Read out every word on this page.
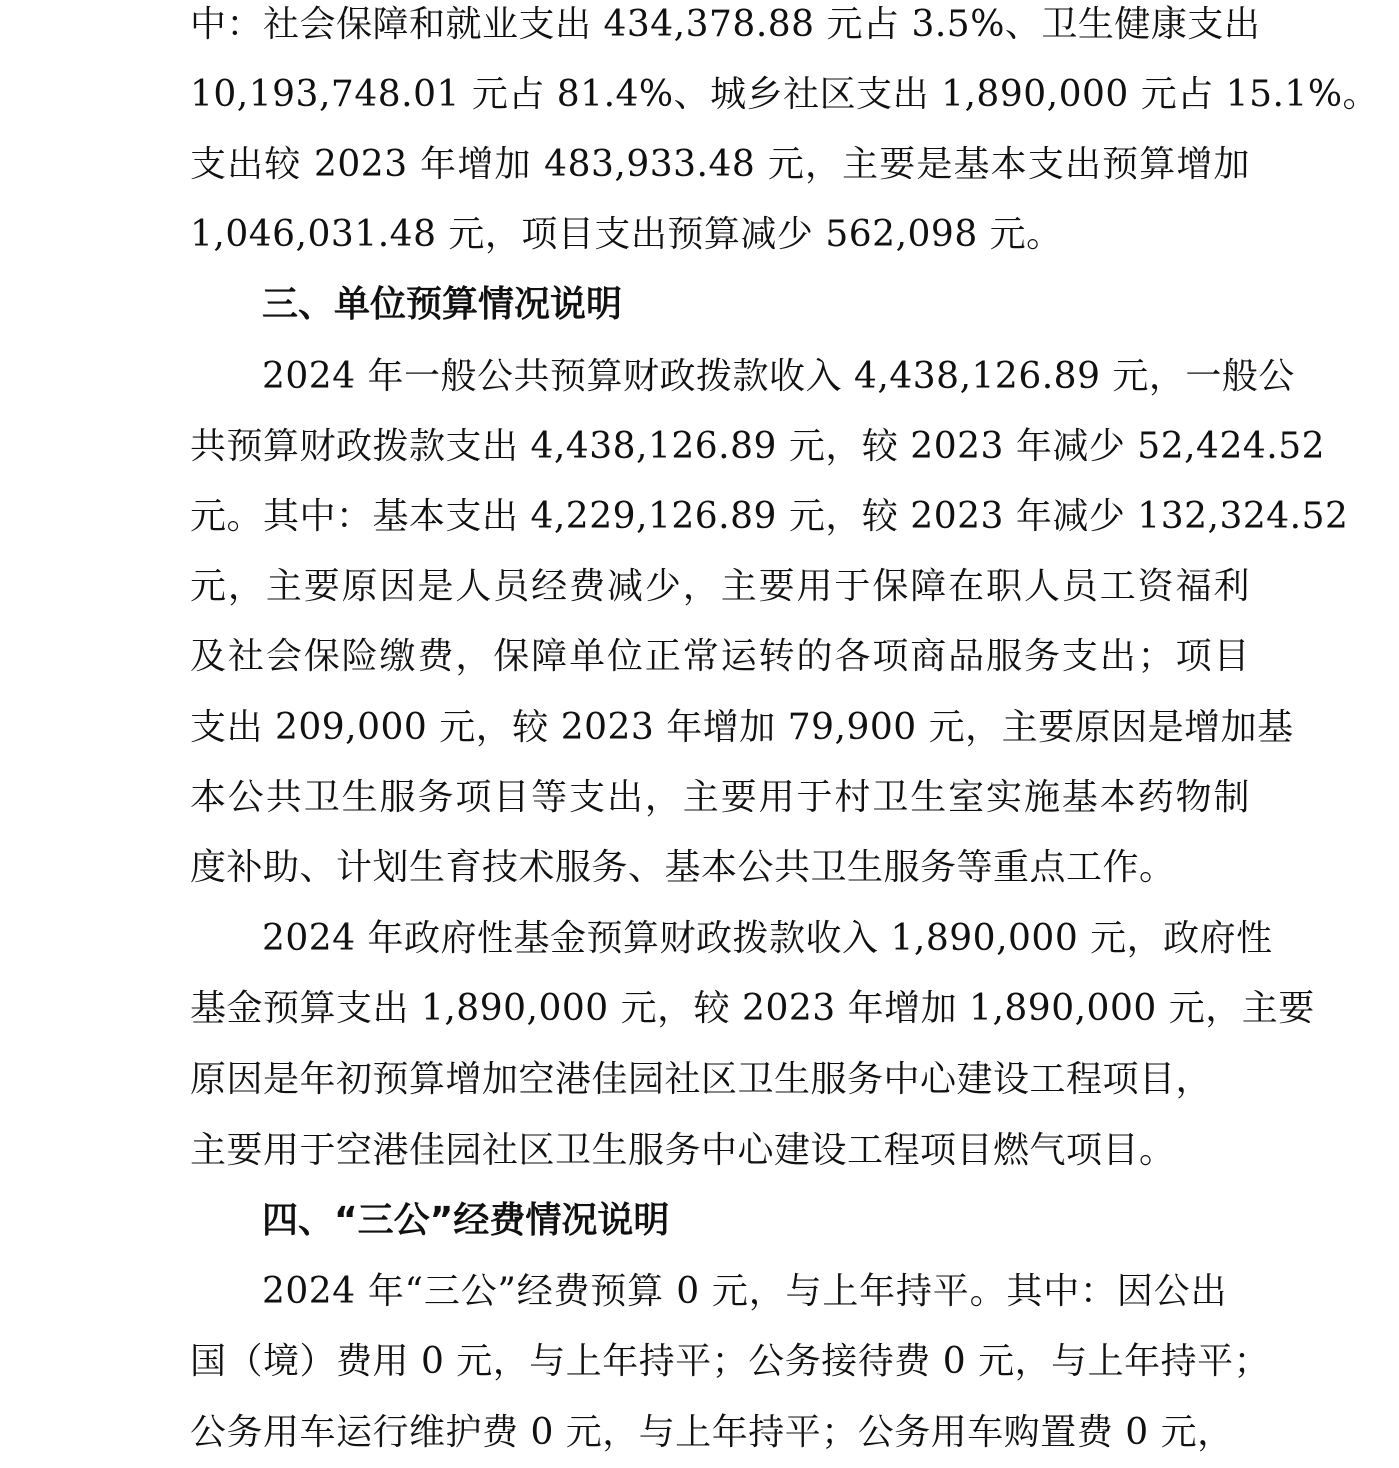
中：社会保障和就业支出 434,378.88 元占 3.5%、卫生健康支出
10,193,748.01 元占 81.4%、城乡社区支出 1,890,000 元占 15.1%。
支出较 2023 年增加 483,933.48 元，主要是基本支出预算增加
1,046,031.48 元，项目支出预算减少 562,098 元。
三、单位预算情况说明
2024 年一般公共预算财政拨款收入 4,438,126.89 元，一般公
共预算财政拨款支出 4,438,126.89 元，较 2023 年减少 52,424.52
元。其中：基本支出 4,229,126.89 元，较 2023 年减少 132,324.52
元，主要原因是人员经费减少，主要用于保障在职人员工资福利
及社会保险缴费，保障单位正常运转的各项商品服务支出；项目
支出 209,000 元，较 2023 年增加 79,900 元，主要原因是增加基
本公共卫生服务项目等支出，主要用于村卫生室实施基本药物制
度补助、计划生育技术服务、基本公共卫生服务等重点工作。
2024 年政府性基金预算财政拨款收入 1,890,000 元，政府性
基金预算支出 1,890,000 元，较 2023 年增加 1,890,000 元，主要
原因是年初预算增加空港佳园社区卫生服务中心建设工程项目，
主要用于空港佳园社区卫生服务中心建设工程项目燃气项目。
四、“三公”经费情况说明
2024 年“三公”经费预算 0 元，与上年持平。其中：因公出
国（境）费用 0 元，与上年持平；公务接待费 0 元，与上年持平；
公务用车运行维护费 0 元，与上年持平；公务用车购置费 0 元，
